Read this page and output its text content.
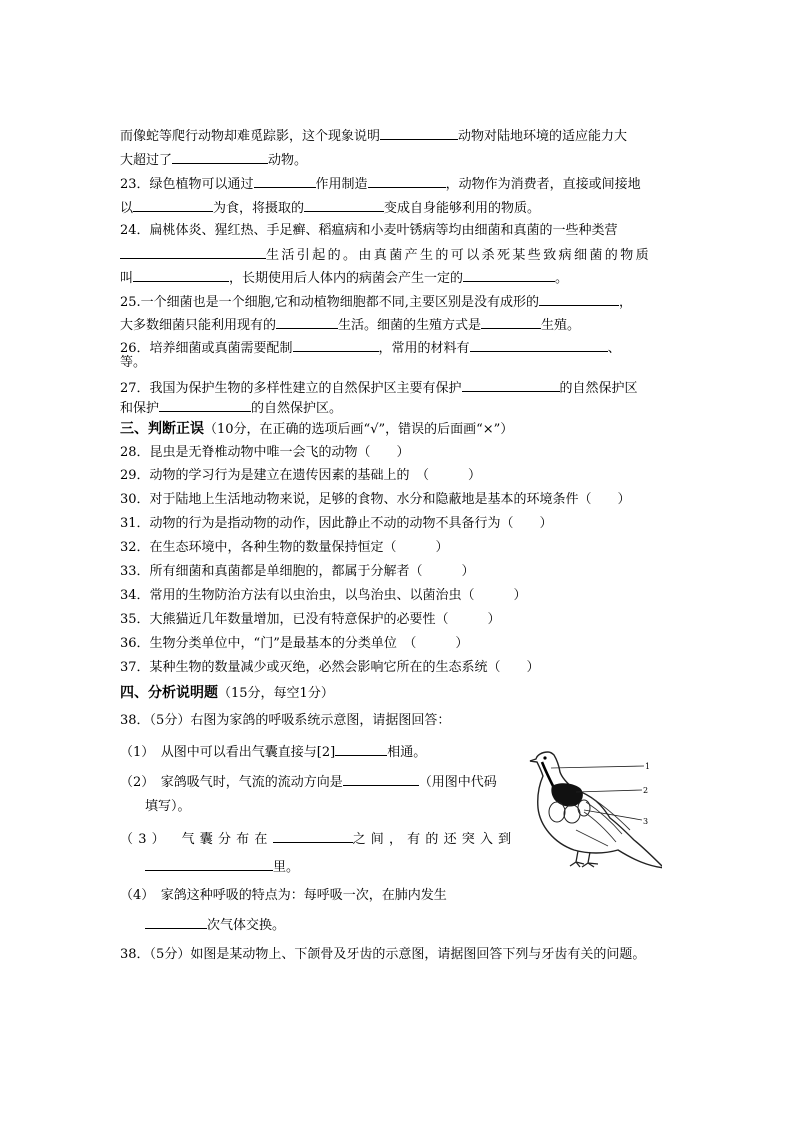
而像蛇等爬行动物却难觅踪影，这个现象说明	动物对陆地环境的适应能力大
大超过了	动物。
23．绿色植物可以通过	作用制造	，动物作为消费者，直接或间接地
以	为食，将摄取的	变成自身能够利用的物质。
24．扁桃体炎、猩红热、手足癣、稻瘟病和小麦叶锈病等均由细菌和真菌的一些种类营
生活引起的。由真菌产生的可以杀死某些致病细菌的物质
叫	，长期使用后人体内的病菌会产生一定的	。
25.一个细菌也是一个细胞,它和动植物细胞都不同,主要区别是没有成形的	，
大多数细菌只能利用现有的	生活。细菌的生殖方式是	生殖。
26．培养细菌或真菌需要配制	，常用的材料有	、
等。
27．我国为保护生物的多样性建立的自然保护区主要有保护	的自然保护区
和保护	的自然保护区。
三、判断正误（10分，在正确的选项后画“√”，错误的后面画“×”）
28．昆虫是无脊椎动物中唯一会飞的动物（　　）
29．动物的学习行为是建立在遗传因素的基础上的　（　　　）
30．对于陆地上生活地动物来说，足够的食物、水分和隐蔽地是基本的环境条件（　　）
31．动物的行为是指动物的动作，因此静止不动的动物不具备行为（　　）
32．在生态环境中，各种生物的数量保持恒定（　　　）
33．所有细菌和真菌都是单细胞的，都属于分解者（　　　）
34．常用的生物防治方法有以虫治虫，以鸟治虫、以菌治虫（　　　）
35．大熊猫近几年数量增加，已没有特意保护的必要性（　　　）
36．生物分类单位中，“门”是最基本的分类单位　（　　　）
37．某种生物的数量减少或灭绝，必然会影响它所在的生态系统（　　）
四、分析说明题（15分，每空1分）
38．（5分）右图为家鸽的呼吸系统示意图，请据图回答：
（1）　从图中可以看出气囊直接与[2]	相通。
（2）　家鸽吸气时，气流的流动方向是	（用图中代码
填写）。
（3）　气囊分布在	之间，有的还突入到
里。
（4）　家鸽这种呼吸的特点为：每呼吸一次，在肺内发生
次气体交换。
38．（5分）如图是某动物上、下颌骨及牙齿的示意图，请据图回答下列与牙齿有关的问题。
1
2
3
